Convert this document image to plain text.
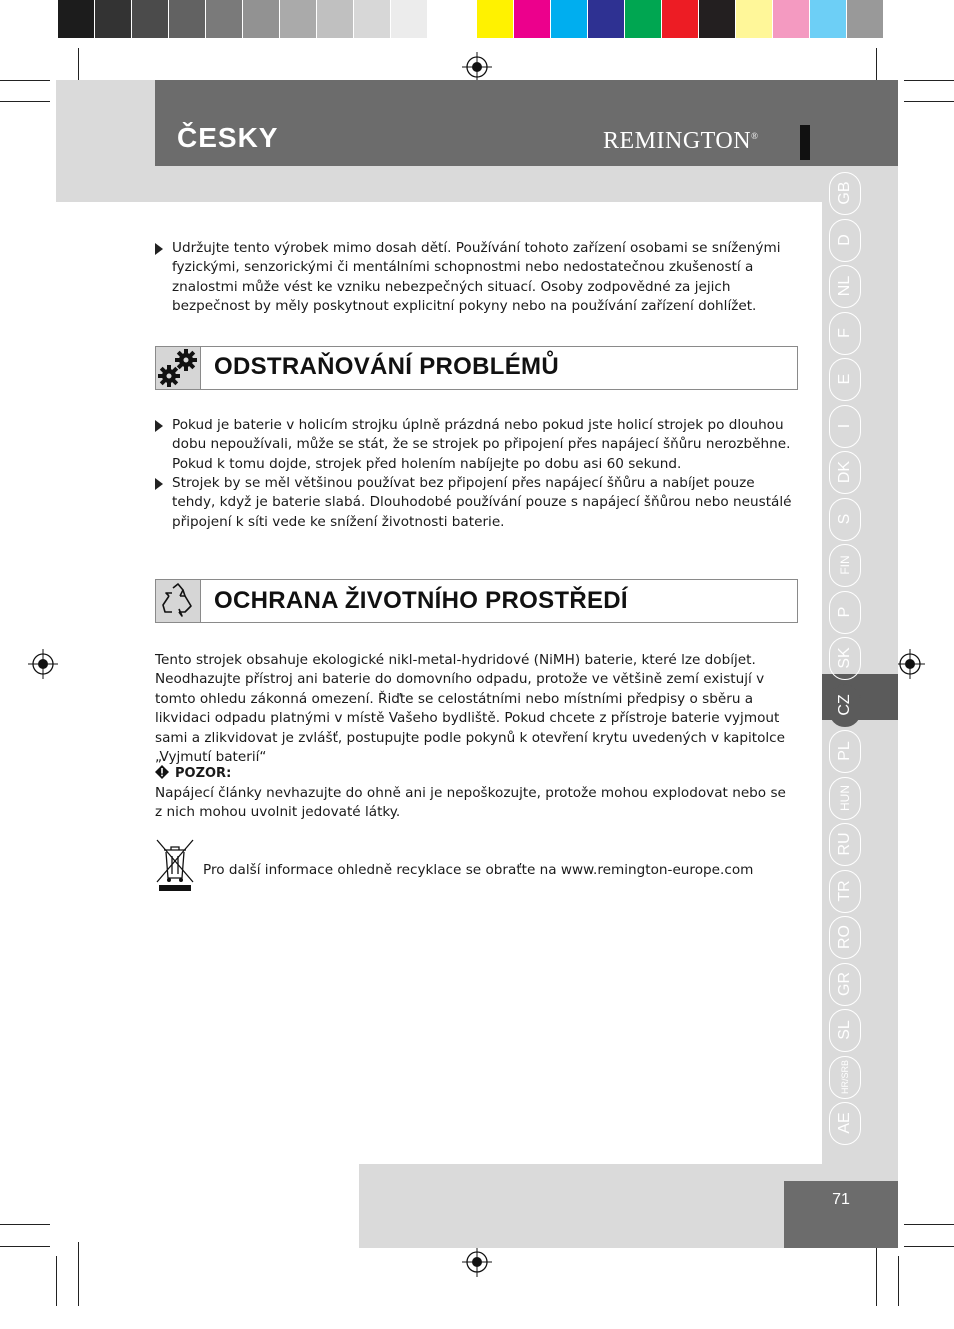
ČESKY	REMINGTON®
GB
D
NL
F
E
I
DK
S
FIN
P
SK
CZ
PL
HUN
RU
TR
RO
GR
SL
HR/SRB
AE
Udržujte tento výrobek mimo dosah dětí. Používání tohoto zařízení osobami se sníženými fyzickými, senzorickými či mentálními schopnostmi nebo nedostatečnou zkušeností a znalostmi může vést ke vzniku nebezpečných situací. Osoby zodpovědné za jejich bezpečnost by měly poskytnout explicitní pokyny nebo na používání zařízení dohlížet.
ODSTRAŇOVÁNÍ PROBLÉMŮ
Pokud je baterie v holicím strojku úplně prázdná nebo pokud jste holicí strojek po dlouhou dobu nepoužívali, může se stát, že se strojek po připojení přes napájecí šňůru nerozběhne. Pokud k tomu dojde, strojek před holením nabíjejte po dobu asi 60 sekund.
Strojek by se měl většinou používat bez připojení přes napájecí šňůru a nabíjet pouze tehdy, když je baterie slabá. Dlouhodobé používání pouze s napájecí šňůrou nebo neustálé připojení k síti vede ke snížení životnosti baterie.
OCHRANA ŽIVOTNÍHO PROSTŘEDÍ
Tento strojek obsahuje ekologické nikl-metal-hydridové (NiMH) baterie, které lze dobíjet. Neodhazujte přístroj ani baterie do domovního odpadu, protože ve většině zemí existují v tomto ohledu zákonná omezení. Řiďte se celostátními nebo místními předpisy o sběru a likvidaci odpadu platnými v místě Vašeho bydliště. Pokud chcete z přístroje baterie vyjmout sami a zlikvidovat je zvlášť, postupujte podle pokynů k otevření krytu uvedených v kapitolce „Vyjmutí baterií“
POZOR:
Napájecí články nevhazujte do ohně ani je nepoškozujte, protože mohou explodovat nebo se z nich mohou uvolnit jedovaté látky.
Pro další informace ohledně recyklace se obraťte na www.remington-europe.com
71
